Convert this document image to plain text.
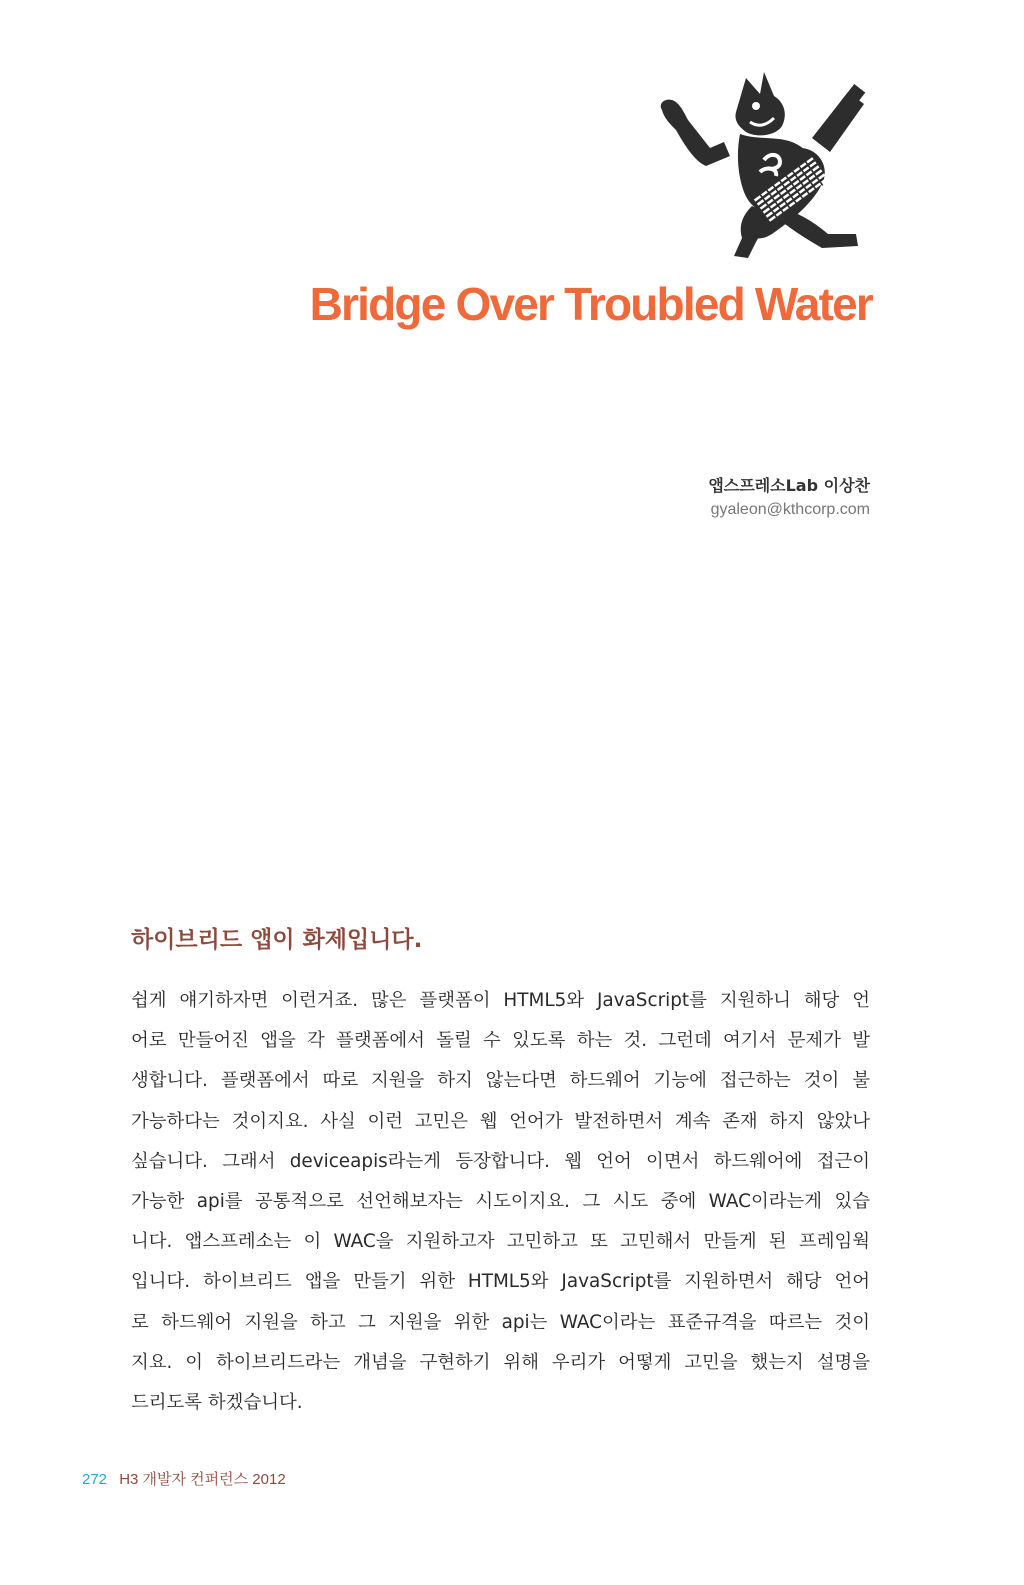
Bridge Over Troubled Water
앱스프레소Lab 이상찬
gyaleon@kthcorp.com
하이브리드 앱이 화제입니다.
쉽게 얘기하자면 이런거죠. 많은 플랫폼이 HTML5와 JavaScript를 지원하니 해당 언
어로 만들어진 앱을 각 플랫폼에서 돌릴 수 있도록 하는 것. 그런데 여기서 문제가 발
생합니다. 플랫폼에서 따로 지원을 하지 않는다면 하드웨어 기능에 접근하는 것이 불
가능하다는 것이지요. 사실 이런 고민은 웹 언어가 발전하면서 계속 존재 하지 않았나
싶습니다. 그래서 deviceapis라는게 등장합니다. 웹 언어 이면서 하드웨어에 접근이
가능한 api를 공통적으로 선언해보자는 시도이지요. 그 시도 중에 WAC이라는게 있습
니다. 앱스프레소는 이 WAC을 지원하고자 고민하고 또 고민해서 만들게 된 프레임웍
입니다. 하이브리드 앱을 만들기 위한 HTML5와 JavaScript를 지원하면서 해당 언어
로 하드웨어 지원을 하고 그 지원을 위한 api는 WAC이라는 표준규격을 따르는 것이
지요. 이 하이브리드라는 개념을 구현하기 위해 우리가 어떻게 고민을 했는지 설명을
드리도록 하겠습니다.
272 H3 개발자 컨퍼런스 2012
